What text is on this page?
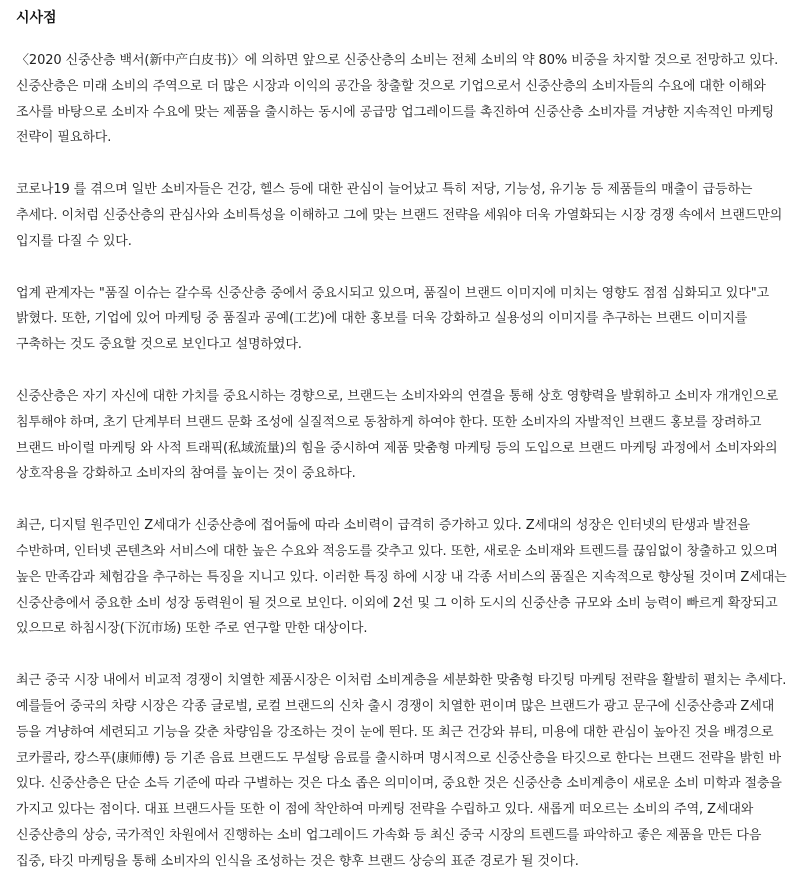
시사점

〈2020 신중산층 백서(新中产白皮书)〉에 의하면 앞으로 신중산층의 소비는 전체 소비의 약 80% 비중을 차지할 것으로 전망하고 있다. 신중산층은 미래 소비의 주역으로 더 많은 시장과 이익의 공간을 창출할 것으로 기업으로서 신중산층의 소비자들의 수요에 대한 이해와 조사를 바탕으로 소비자 수요에 맞는 제품을 출시하는 동시에 공급망 업그레이드를 촉진하여 신중산층 소비자를 겨냥한 지속적인 마케팅 전략이 필요하다.

코로나19 를 겪으며 일반 소비자들은 건강, 헬스 등에 대한 관심이 늘어났고 특히 저당, 기능성, 유기농 등 제품들의 매출이 급등하는 추세다. 이처럼 신중산층의 관심사와 소비특성을 이해하고 그에 맞는 브랜드 전략을 세워야 더욱 가열화되는 시장 경쟁 속에서 브랜드만의 입지를 다질 수 있다.

업계 관계자는 "품질 이슈는 갈수록 신중산층 중에서 중요시되고 있으며, 품질이 브랜드 이미지에 미치는 영향도 점점 심화되고 있다"고 밝혔다. 또한, 기업에 있어 마케팅 중 품질과 공예(工艺)에 대한 홍보를 더욱 강화하고 실용성의 이미지를 추구하는 브랜드 이미지를 구축하는 것도 중요할 것으로 보인다고 설명하였다.

신중산층은 자기 자신에 대한 가치를 중요시하는 경향으로, 브랜드는 소비자와의 연결을 통해 상호 영향력을 발휘하고 소비자 개개인으로 침투해야 하며, 초기 단계부터 브랜드 문화 조성에 실질적으로 동참하게 하여야 한다. 또한 소비자의 자발적인 브랜드 홍보를 장려하고 브랜드 바이럴 마케팅 와 사적 트래픽(私域流量)의 힘을 중시하여 제품 맞춤형 마케팅 등의 도입으로 브랜드 마케팅 과정에서 소비자와의 상호작용을 강화하고 소비자의 참여를 높이는 것이 중요하다.

최근, 디지털 원주민인 Z세대가 신중산층에 접어듦에 따라 소비력이 급격히 증가하고 있다. Z세대의 성장은 인터넷의 탄생과 발전을 수반하며, 인터넷 콘텐츠와 서비스에 대한 높은 수요와 적응도를 갖추고 있다. 또한, 새로운 소비재와 트렌드를 끊임없이 창출하고 있으며 높은 만족감과 체험감을 추구하는 특징을 지니고 있다. 이러한 특징 하에 시장 내 각종 서비스의 품질은 지속적으로 향상될 것이며 Z세대는 신중산층에서 중요한 소비 성장 동력원이 될 것으로 보인다. 이외에 2선 및 그 이하 도시의 신중산층 규모와 소비 능력이 빠르게 확장되고 있으므로 하침시장(下沉市场) 또한 주로 연구할 만한 대상이다.

최근 중국 시장 내에서 비교적 경쟁이 치열한 제품시장은 이처럼 소비계층을 세분화한 맞춤형 타깃팅 마케팅 전략을 활발히 펼치는 추세다. 예를들어 중국의 차량 시장은 각종 글로벌, 로컬 브랜드의 신차 출시 경쟁이 치열한 편이며 많은 브랜드가 광고 문구에 신중산층과 Z세대 등을 겨냥하여 세련되고 기능을 갖춘 차량임을 강조하는 것이 눈에 띈다. 또 최근 건강와 뷰티, 미용에 대한 관심이 높아진 것을 배경으로 코카콜라, 캉스푸(康师傅) 등 기존 음료 브랜드도 무설탕 음료를 출시하며 명시적으로 신중산층을 타깃으로 한다는 브랜드 전략을 밝힌 바 있다. 신중산층은 단순 소득 기준에 따라 구별하는 것은 다소 좁은 의미이며, 중요한 것은 신중산층 소비계층이 새로운 소비 미학과 절충을 가지고 있다는 점이다. 대표 브랜드사들 또한 이 점에 착안하여 마케팅 전략을 수립하고 있다. 새롭게 떠오르는 소비의 주역, Z세대와 신중산층의 상승, 국가적인 차원에서 진행하는 소비 업그레이드 가속화 등 최신 중국 시장의 트렌드를 파악하고 좋은 제품을 만든 다음 집중, 타깃 마케팅을 통해 소비자의 인식을 조성하는 것은 향후 브랜드 상승의 표준 경로가 될 것이다.
